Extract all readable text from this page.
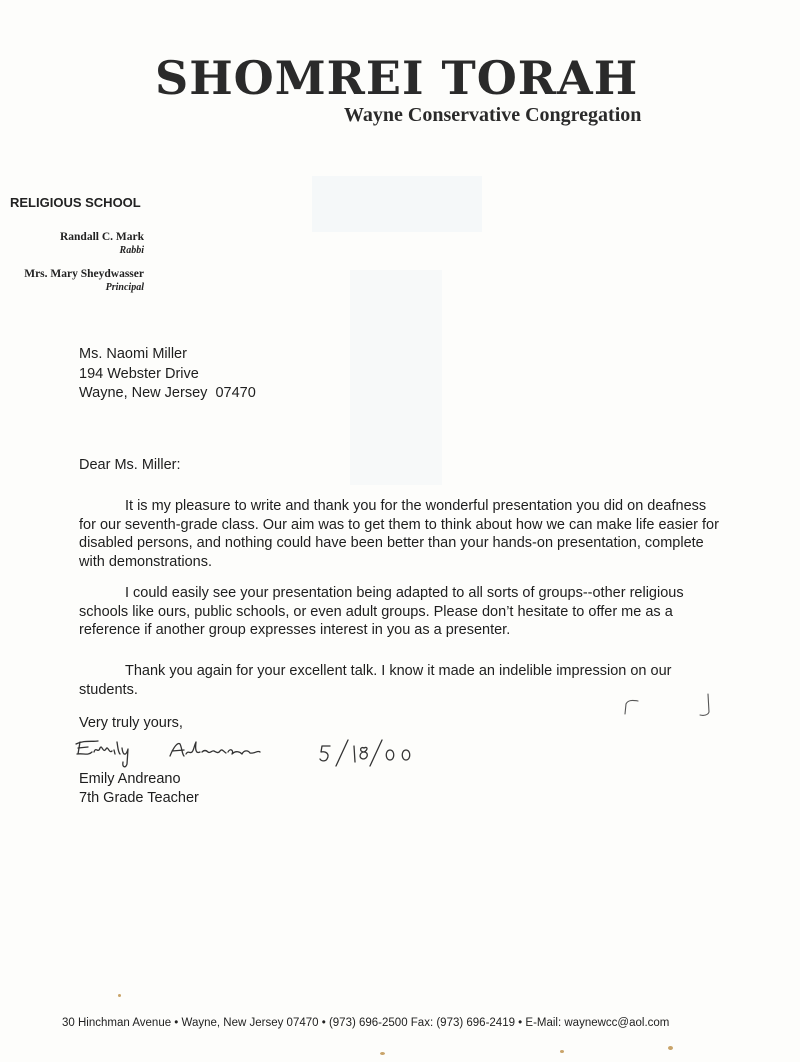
SHOMREI TORAH
Wayne Conservative Congregation
RELIGIOUS SCHOOL
Randall C. Mark
Rabbi
Mrs. Mary Sheydwasser
Principal
Ms. Naomi Miller
194 Webster Drive
Wayne, New Jersey  07470
Dear Ms. Miller:

It is my pleasure to write and thank you for the wonderful presentation you did on deafness for our seventh-grade class. Our aim was to get them to think about how we can make life easier for disabled persons, and nothing could have been better than your hands-on presentation, complete with demonstrations.

I could easily see your presentation being adapted to all sorts of groups--other religious schools like ours, public schools, or even adult groups. Please don’t hesitate to offer me as a reference if another group expresses interest in you as a presenter.

Thank you again for your excellent talk. I know it made an indelible impression on our students.

Very truly yours,
Emily Andreano
7th Grade Teacher
30 Hinchman Avenue • Wayne, New Jersey 07470 • (973) 696-2500 Fax: (973) 696-2419 • E-Mail: waynewcc@aol.com
